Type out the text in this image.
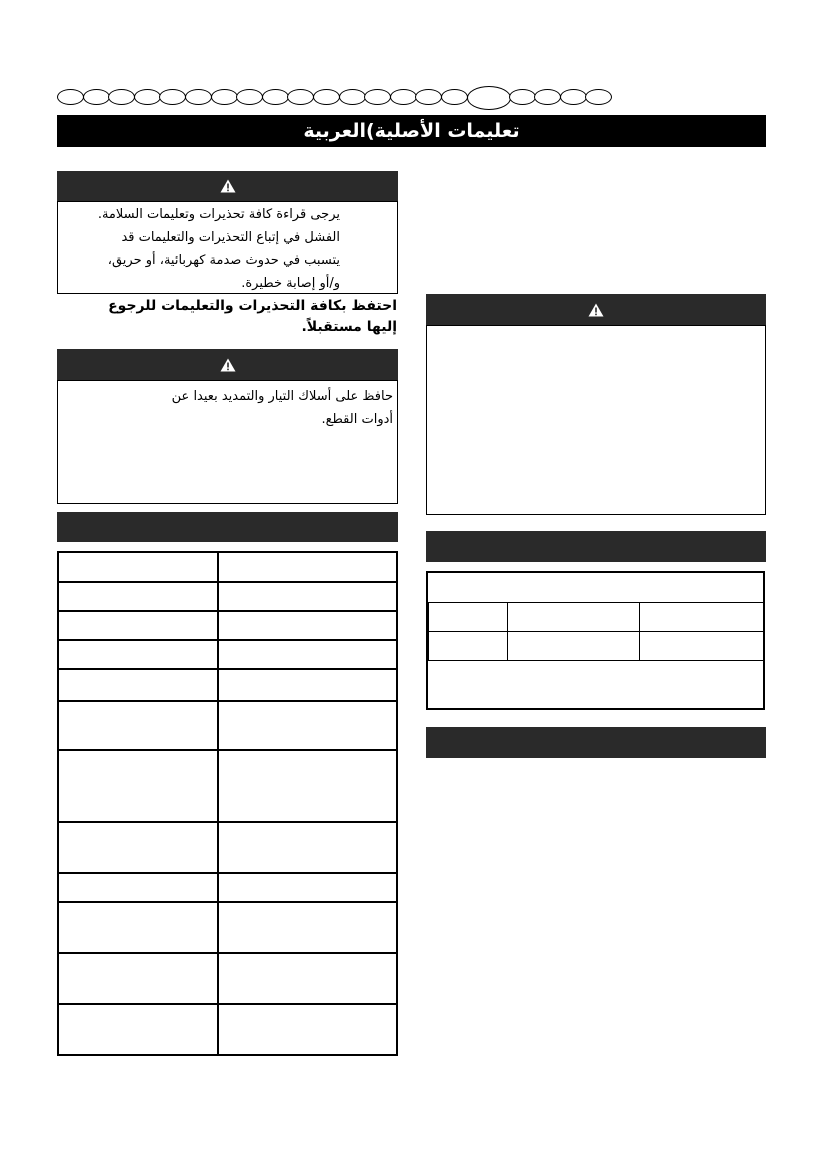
تعليمات الأصلية)العربية
يرجى قراءة كافة تحذيرات وتعليمات السلامة.
الفشل في إتباع التحذيرات والتعليمات قد
يتسبب في حدوث صدمة كهربائية، أو حريق،
و/أو إصابة خطيرة.
احتفظ بكافة التحذيرات والتعليمات للرجوع
إليها مستقبلاً.
حافظ على أسلاك التيار والتمديد بعيدا عن
أدوات القطع.
